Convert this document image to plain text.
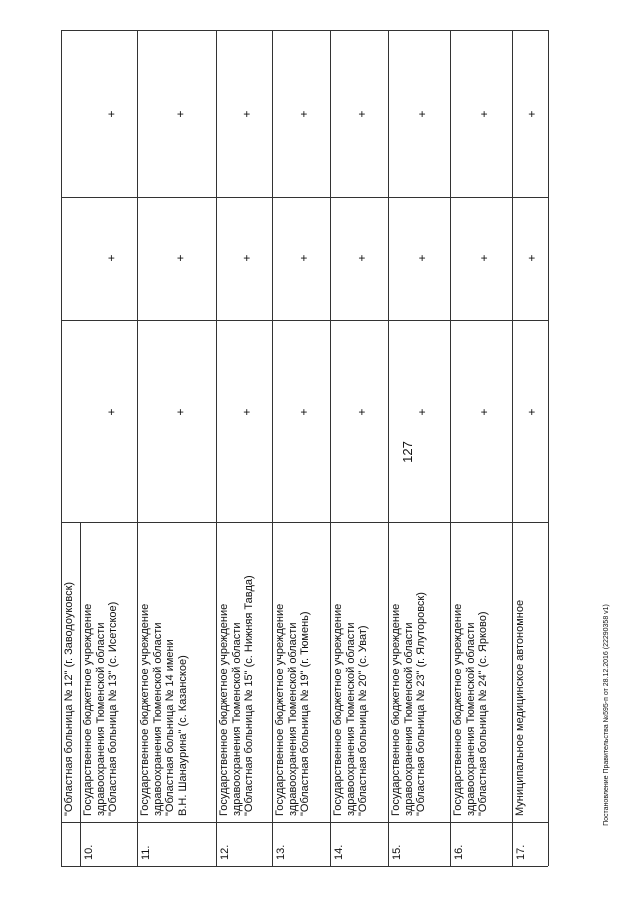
127
Постановление Правительства №595-п от 28.12.2016 (22290358 v1)
"Областная больница № 12" (г. Заводоуковск)
10.
Государственное бюджетное учреждение здравоохранения Тюменской области "Областная больница № 13" (с. Исетское)
+
+
+
11.
Государственное бюджетное учреждение здравоохранения Тюменской области "Областная больница № 14 имени В.Н. Шанаурина" (с. Казанское)
+
+
+
12.
Государственное бюджетное учреждение здравоохранения Тюменской области "Областная больница № 15" (с. Нижняя Тавда)
+
+
+
13.
Государственное бюджетное учреждение здравоохранения Тюменской области "Областная больница № 19" (г. Тюмень)
+
+
+
14.
Государственное бюджетное учреждение здравоохранения Тюменской области "Областная больница № 20" (с. Уват)
+
+
+
15.
Государственное бюджетное учреждение здравоохранения Тюменской области "Областная больница № 23" (г. Ялуторовск)
+
+
+
16.
Государственное бюджетное учреждение здравоохранения Тюменской области "Областная больница № 24" (с. Ярково)
+
+
+
17.
Муниципальное медицинское автономное
+
+
+
